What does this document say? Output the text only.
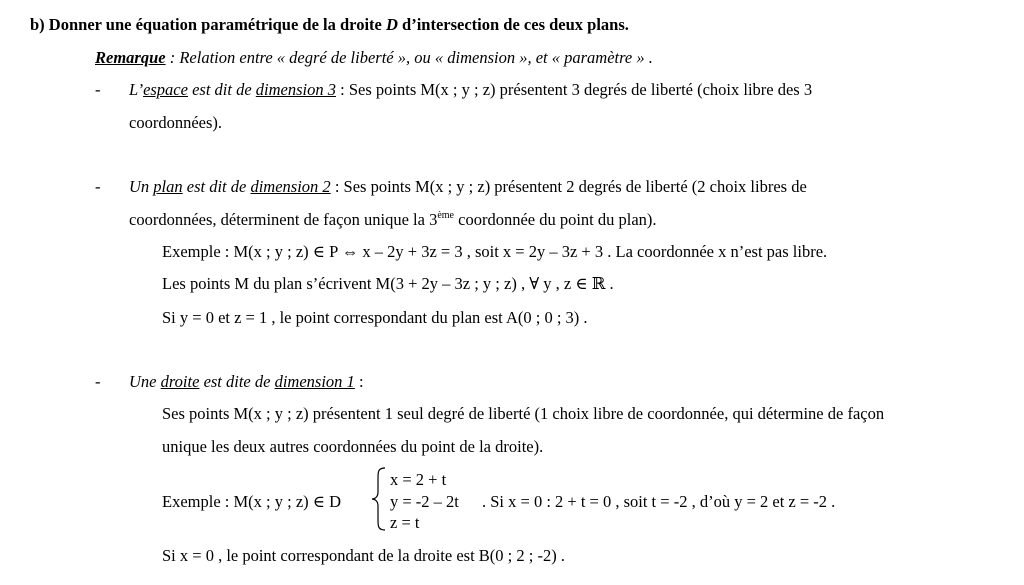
b) Donner une équation paramétrique de la droite D d’intersection de ces deux plans.
Remarque : Relation entre « degré de liberté », ou « dimension », et « paramètre » .
- L’espace est dit de dimension 3 : Ses points M(x ; y ; z) présentent 3 degrés de liberté (choix libre des 3
coordonnées).
- Un plan est dit de dimension 2 : Ses points M(x ; y ; z) présentent 2 degrés de liberté (2 choix libres de
coordonnées, déterminent de façon unique la 3ème coordonnée du point du plan).
Exemple : M(x ; y ; z) ∈ P ⇔ x – 2y + 3z = 3 , soit x = 2y – 3z + 3 . La coordonnée x n’est pas libre.
Les points M du plan s’écrivent M(3 + 2y – 3z ; y ; z) , ∀ y , z ∈ ℝ .
Si y = 0 et z = 1 , le point correspondant du plan est A(0 ; 0 ; 3) .
- Une droite est dite de dimension 1 :
Ses points M(x ; y ; z) présentent 1 seul degré de liberté (1 choix libre de coordonnée, qui détermine de façon
unique les deux autres coordonnées du point de la droite).
Exemple : M(x ; y ; z) ∈ D
x = 2 + t
y = -2 – 2t
z = t
. Si x = 0 : 2 + t = 0 , soit t = -2 , d’où y = 2 et z = -2 .
Si x = 0 , le point correspondant de la droite est B(0 ; 2 ; -2) .
